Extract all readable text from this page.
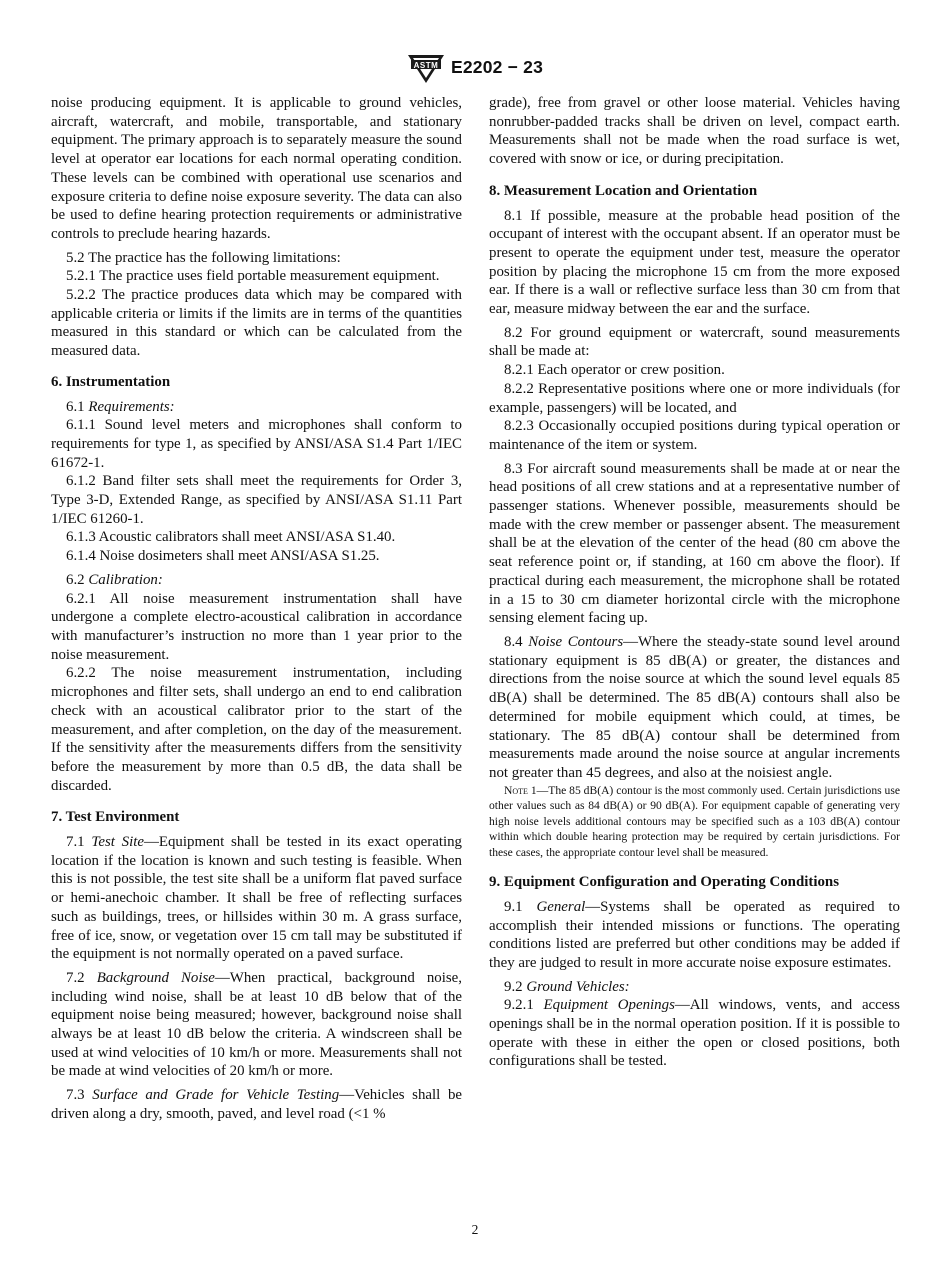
ASTM E2202 − 23

noise producing equipment. It is applicable to ground vehicles, aircraft, watercraft, and mobile, transportable, and stationary equipment. The primary approach is to separately measure the sound level at operator ear locations for each normal operating condition. These levels can be combined with operational use scenarios and exposure criteria to define noise exposure severity. The data can also be used to define hearing protection requirements or administrative controls to preclude hearing hazards.

5.2 The practice has the following limitations:

5.2.1 The practice uses field portable measurement equipment.

5.2.2 The practice produces data which may be compared with applicable criteria or limits if the limits are in terms of the quantities measured in this standard or which can be calculated from the measured data.

6. Instrumentation

6.1 Requirements:

6.1.1 Sound level meters and microphones shall conform to requirements for type 1, as specified by ANSI/ASA S1.4 Part 1/IEC 61672-1.

6.1.2 Band filter sets shall meet the requirements for Order 3, Type 3-D, Extended Range, as specified by ANSI/ASA S1.11 Part 1/IEC 61260-1.

6.1.3 Acoustic calibrators shall meet ANSI/ASA S1.40.

6.1.4 Noise dosimeters shall meet ANSI/ASA S1.25.

6.2 Calibration:

6.2.1 All noise measurement instrumentation shall have undergone a complete electro-acoustical calibration in accordance with manufacturer’s instruction no more than 1 year prior to the noise measurement.

6.2.2 The noise measurement instrumentation, including microphones and filter sets, shall undergo an end to end calibration check with an acoustical calibrator prior to the start of the measurement, and after completion, on the day of the measurement. If the sensitivity after the measurements differs from the sensitivity before the measurement by more than 0.5 dB, the data shall be discarded.

7. Test Environment

7.1 Test Site—Equipment shall be tested in its exact operating location if the location is known and such testing is feasible. When this is not possible, the test site shall be a uniform flat paved surface or hemi-anechoic chamber. It shall be free of reflecting surfaces such as buildings, trees, or hillsides within 30 m. A grass surface, free of ice, snow, or vegetation over 15 cm tall may be substituted if the equipment is not normally operated on a paved surface.

7.2 Background Noise—When practical, background noise, including wind noise, shall be at least 10 dB below that of the equipment noise being measured; however, background noise shall always be at least 10 dB below the criteria. A windscreen shall be used at wind velocities of 10 km/h or more. Measurements shall not be made at wind velocities of 20 km/h or more.

7.3 Surface and Grade for Vehicle Testing—Vehicles shall be driven along a dry, smooth, paved, and level road (<1 %

grade), free from gravel or other loose material. Vehicles having nonrubber-padded tracks shall be driven on level, compact earth. Measurements shall not be made when the road surface is wet, covered with snow or ice, or during precipitation.

8. Measurement Location and Orientation

8.1 If possible, measure at the probable head position of the occupant of interest with the occupant absent. If an operator must be present to operate the equipment under test, measure the operator position by placing the microphone 15 cm from the more exposed ear. If there is a wall or reflective surface less than 30 cm from that ear, measure midway between the ear and the surface.

8.2 For ground equipment or watercraft, sound measurements shall be made at:

8.2.1 Each operator or crew position.

8.2.2 Representative positions where one or more individuals (for example, passengers) will be located, and

8.2.3 Occasionally occupied positions during typical operation or maintenance of the item or system.

8.3 For aircraft sound measurements shall be made at or near the head positions of all crew stations and at a representative number of passenger stations. Whenever possible, measurements should be made with the crew member or passenger absent. The measurement shall be at the elevation of the center of the head (80 cm above the seat reference point or, if standing, at 160 cm above the floor). If practical during each measurement, the microphone shall be rotated in a 15 to 30 cm diameter horizontal circle with the microphone sensing element facing up.

8.4 Noise Contours—Where the steady-state sound level around stationary equipment is 85 dB(A) or greater, the distances and directions from the noise source at which the sound level equals 85 dB(A) shall be determined. The 85 dB(A) contours shall also be determined for mobile equipment which could, at times, be stationary. The 85 dB(A) contour shall be determined from measurements made around the noise source at angular increments not greater than 45 degrees, and also at the noisiest angle.

Note 1—The 85 dB(A) contour is the most commonly used. Certain jurisdictions use other values such as 84 dB(A) or 90 dB(A). For equipment capable of generating very high noise levels additional contours may be specified such as a 103 dB(A) contour within which double hearing protection may be required by certain jurisdictions. For these cases, the appropriate contour level shall be measured.

9. Equipment Configuration and Operating Conditions

9.1 General—Systems shall be operated as required to accomplish their intended missions or functions. The operating conditions listed are preferred but other conditions may be added if they are judged to result in more accurate noise exposure estimates.

9.2 Ground Vehicles:

9.2.1 Equipment Openings—All windows, vents, and access openings shall be in the normal operation position. If it is possible to operate with these in either the open or closed positions, both configurations shall be tested.

2
